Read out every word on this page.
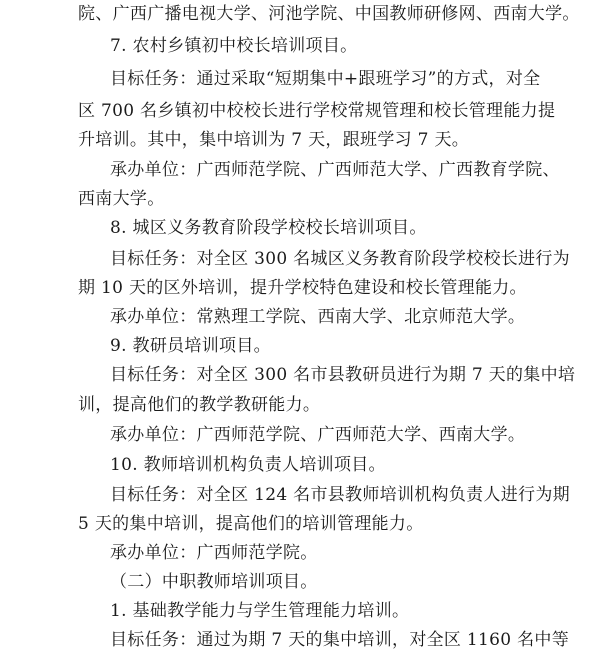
院、广西广播电视大学、河池学院、中国教师研修网、西南大学。
7. 农村乡镇初中校长培训项目。
目标任务：通过采取“短期集中+跟班学习”的方式，对全
区 700 名乡镇初中校校长进行学校常规管理和校长管理能力提
升培训。其中，集中培训为 7 天，跟班学习 7 天。
承办单位：广西师范学院、广西师范大学、广西教育学院、
西南大学。
8. 城区义务教育阶段学校校长培训项目。
目标任务：对全区 300 名城区义务教育阶段学校校长进行为
期 10 天的区外培训，提升学校特色建设和校长管理能力。
承办单位：常熟理工学院、西南大学、北京师范大学。
9. 教研员培训项目。
目标任务：对全区 300 名市县教研员进行为期 7 天的集中培
训，提高他们的教学教研能力。
承办单位：广西师范学院、广西师范大学、西南大学。
10. 教师培训机构负责人培训项目。
目标任务：对全区 124 名市县教师培训机构负责人进行为期
5 天的集中培训，提高他们的培训管理能力。
承办单位：广西师范学院。
（二）中职教师培训项目。
1. 基础教学能力与学生管理能力培训。
目标任务：通过为期 7 天的集中培训，对全区 1160 名中等
